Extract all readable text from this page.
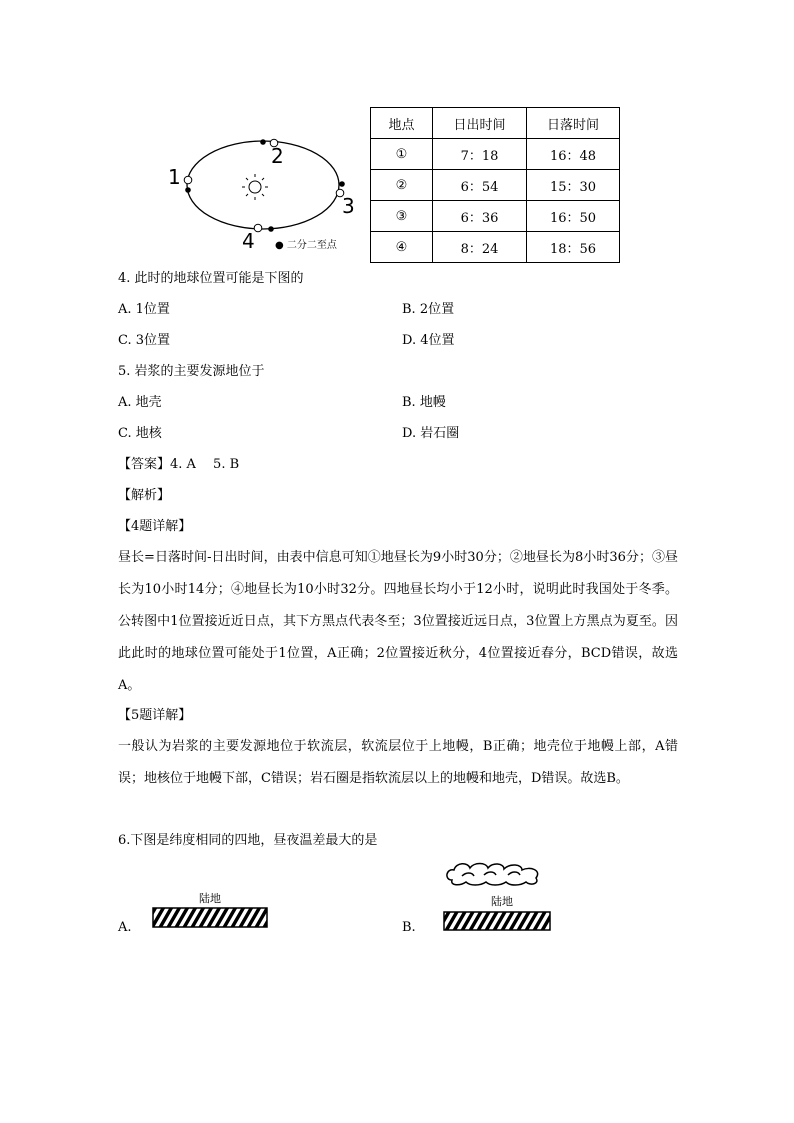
1
2
3
4 ● 二分二至点
地点	日出时间	日落时间
①	7：18	16：48
②	6：54	15：30
③	6：36	16：50
④	8：24	18：56
4. 此时的地球位置可能是下图的
A. 1位置	B. 2位置
C. 3位置	D. 4位置
5. 岩浆的主要发源地位于
A. 地壳	B. 地幔
C. 地核	D. 岩石圈
【答案】4. A　 5. B
【解析】
【4题详解】
昼长=日落时间-日出时间，由表中信息可知①地昼长为9小时30分；②地昼长为8小时36分；③昼长为10小时14分；④地昼长为10小时32分。四地昼长均小于12小时，说明此时我国处于冬季。公转图中1位置接近近日点，其下方黑点代表冬至；3位置接近远日点，3位置上方黑点为夏至。因此此时的地球位置可能处于1位置，A正确；2位置接近秋分，4位置接近春分，BCD错误，故选A。
【5题详解】
一般认为岩浆的主要发源地位于软流层，软流层位于上地幔，B正确；地壳位于地幔上部，A错误；地核位于地幔下部，C错误；岩石圈是指软流层以上的地幔和地壳，D错误。故选B。
6.下图是纬度相同的四地，昼夜温差最大的是
A.	B.
陆地	陆地
